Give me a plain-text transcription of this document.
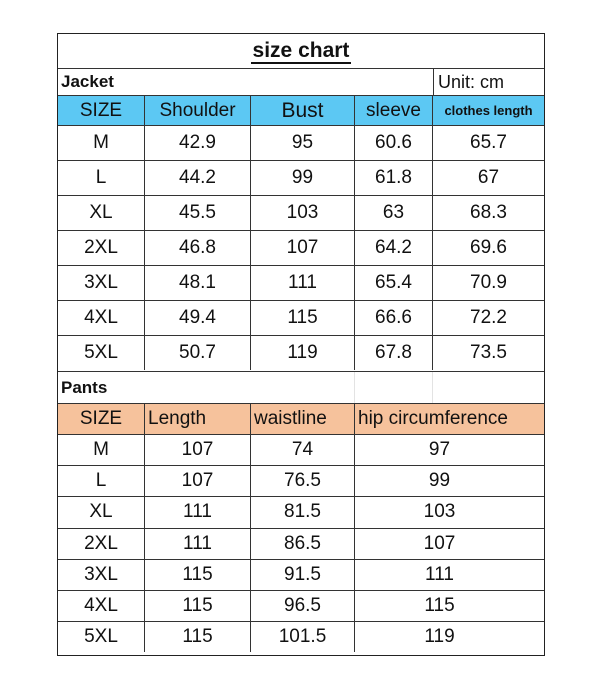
size chart
Jacket	Unit: cm
SIZE	Shoulder	Bust	sleeve	clothes length
M	42.9	95	60.6	65.7
L	44.2	99	61.8	67
XL	45.5	103	63	68.3
2XL	46.8	107	64.2	69.6
3XL	48.1	111	65.4	70.9
4XL	49.4	115	66.6	72.2
5XL	50.7	119	67.8	73.5
Pants
SIZE	Length	waistline	hip circumference
M	107	74	97
L	107	76.5	99
XL	111	81.5	103
2XL	111	86.5	107
3XL	115	91.5	111
4XL	115	96.5	115
5XL	115	101.5	119
